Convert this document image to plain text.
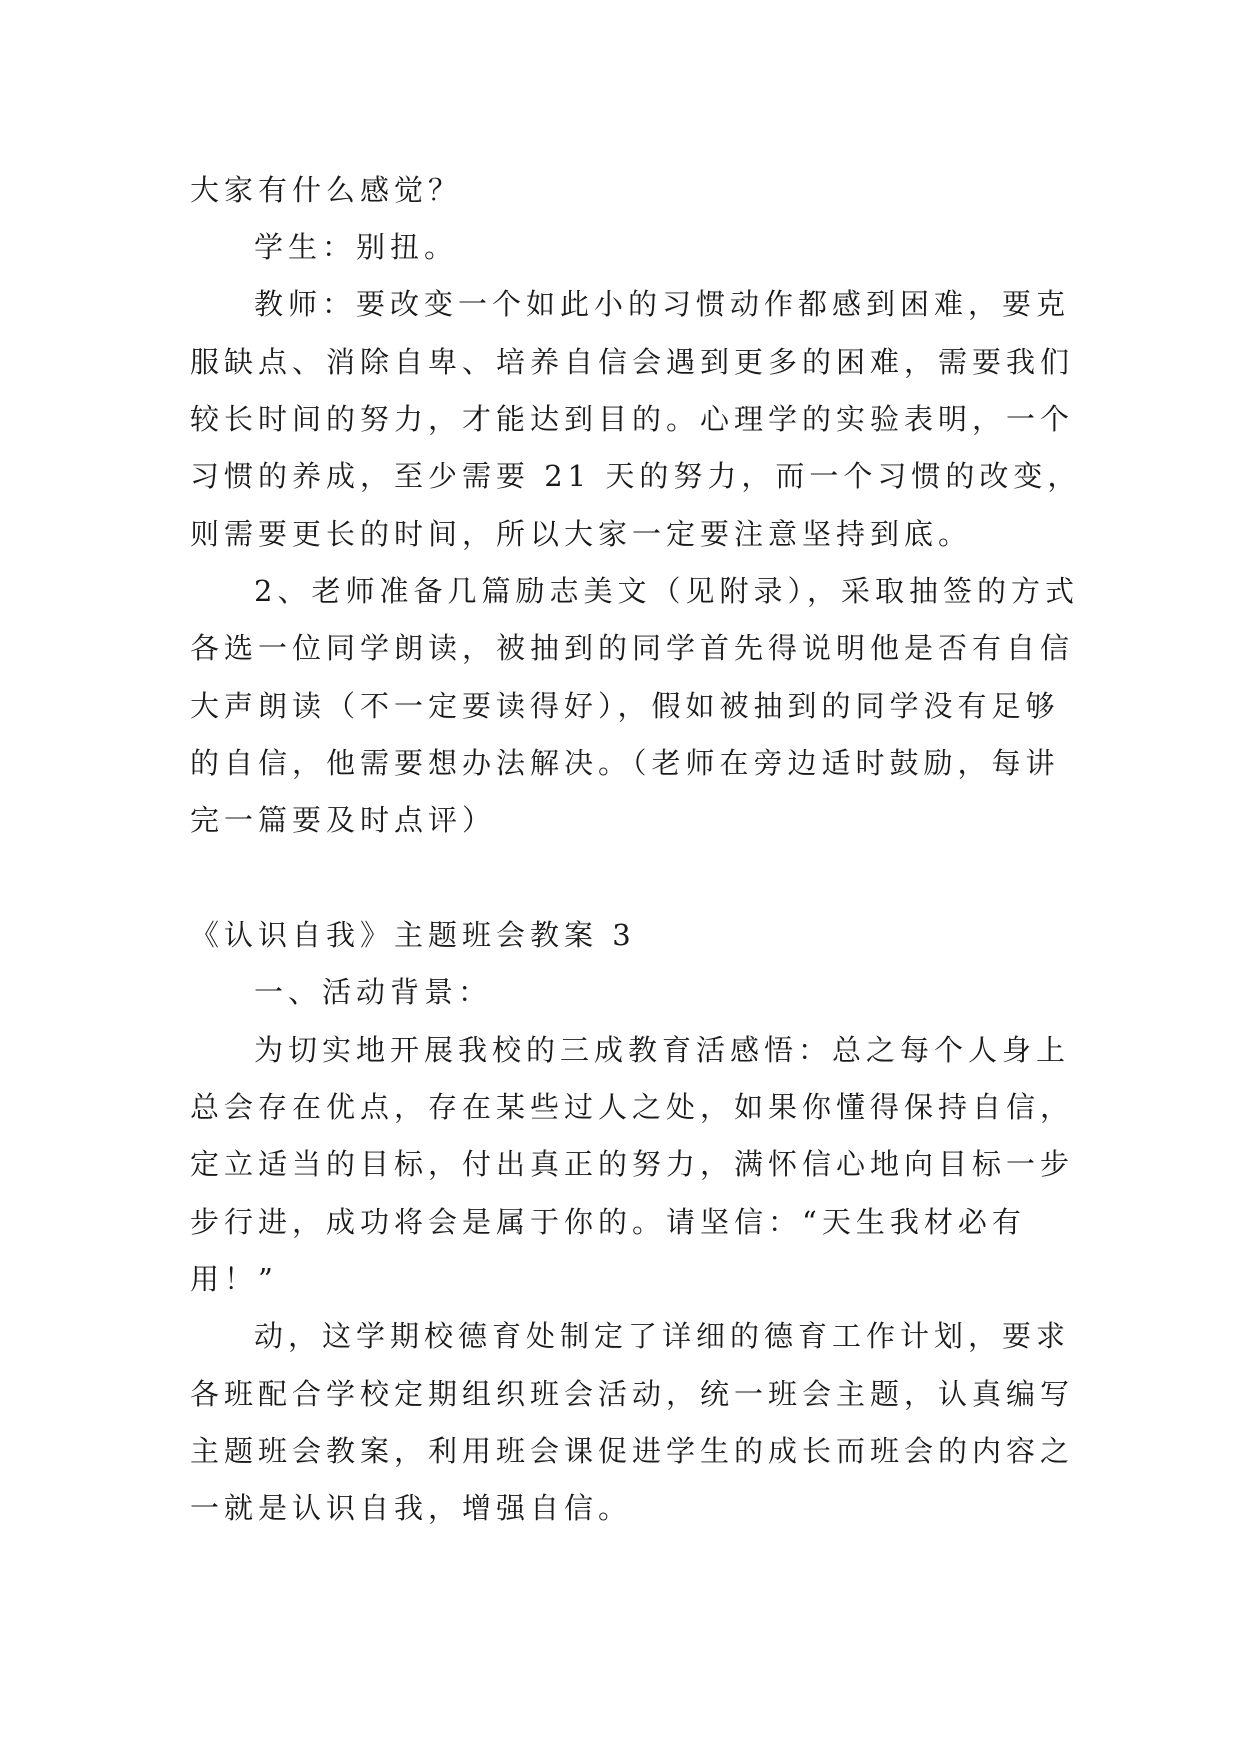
大家有什么感觉？
学生：别扭。
教师：要改变一个如此小的习惯动作都感到困难，要克
服缺点、消除自卑、培养自信会遇到更多的困难，需要我们
较长时间的努力，才能达到目的。心理学的实验表明，一个
习惯的养成，至少需要 21 天的努力，而一个习惯的改变，
则需要更长的时间，所以大家一定要注意坚持到底。
2、老师准备几篇励志美文（见附录），采取抽签的方式
各选一位同学朗读，被抽到的同学首先得说明他是否有自信
大声朗读（不一定要读得好），假如被抽到的同学没有足够
的自信，他需要想办法解决。（老师在旁边适时鼓励，每讲
完一篇要及时点评）
《认识自我》主题班会教案 3
一、活动背景：
为切实地开展我校的三成教育活感悟：总之每个人身上
总会存在优点，存在某些过人之处，如果你懂得保持自信，
定立适当的目标，付出真正的努力，满怀信心地向目标一步
步行进，成功将会是属于你的。请坚信：“天生我材必有
用！”
动，这学期校德育处制定了详细的德育工作计划，要求
各班配合学校定期组织班会活动，统一班会主题，认真编写
主题班会教案，利用班会课促进学生的成长而班会的内容之
一就是认识自我，增强自信。
